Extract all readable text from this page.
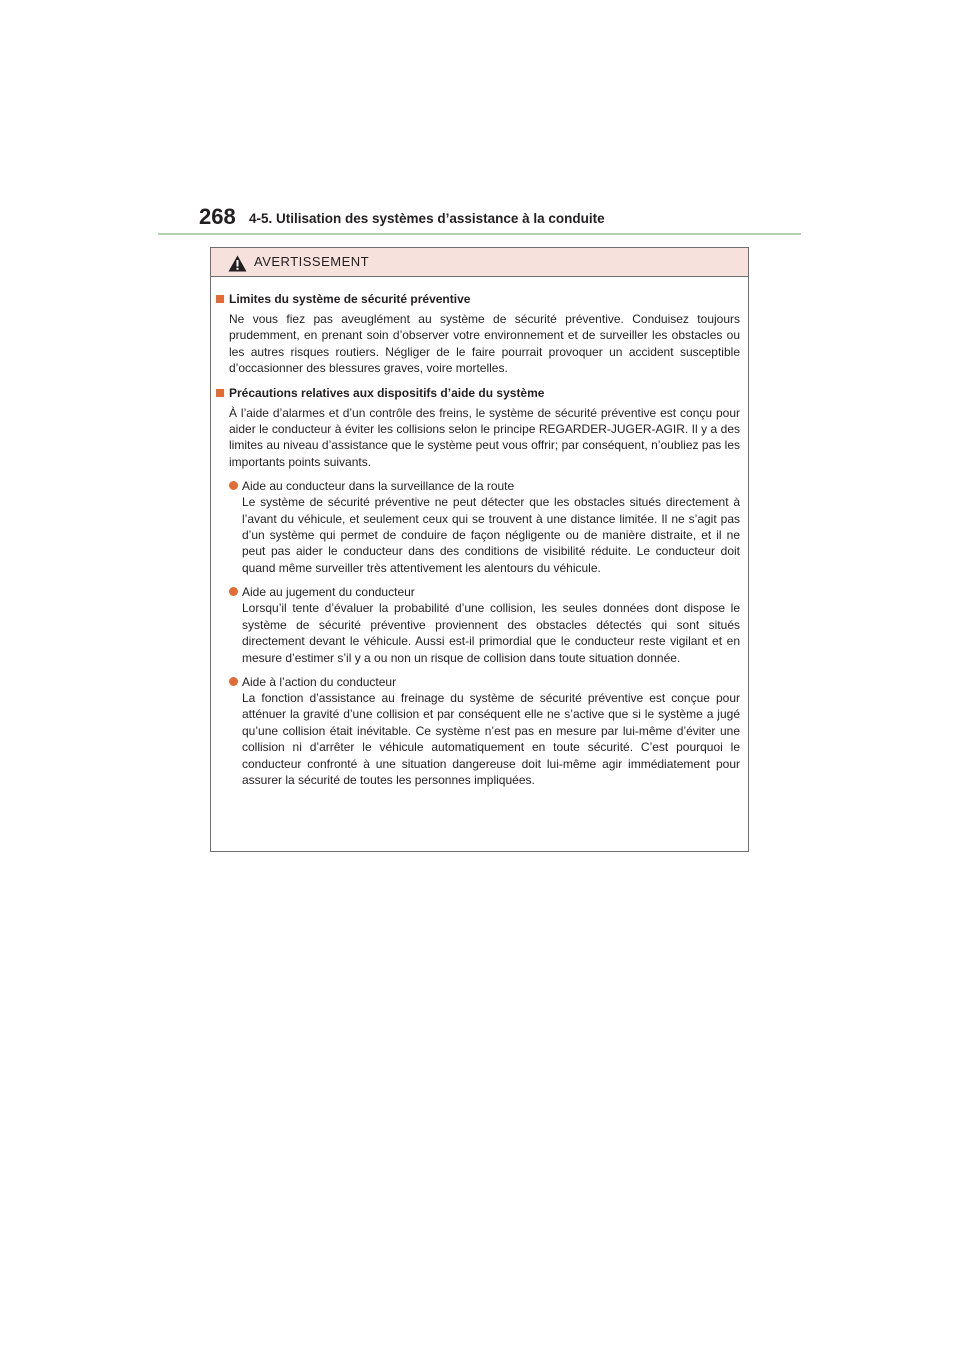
268 4-5. Utilisation des systèmes d’assistance à la conduite
AVERTISSEMENT
Limites du système de sécurité préventive
Ne vous fiez pas aveuglément au système de sécurité préventive. Conduisez toujours prudemment, en prenant soin d’observer votre environnement et de surveiller les obstacles ou les autres risques routiers. Négliger de le faire pourrait provoquer un accident susceptible d’occasionner des blessures graves, voire mortelles.
Précautions relatives aux dispositifs d’aide du système
À l’aide d’alarmes et d’un contrôle des freins, le système de sécurité préventive est conçu pour aider le conducteur à éviter les collisions selon le principe REGARDER-JUGER-AGIR. Il y a des limites au niveau d’assistance que le système peut vous offrir; par conséquent, n’oubliez pas les importants points suivants.
Aide au conducteur dans la surveillance de la route
Le système de sécurité préventive ne peut détecter que les obstacles situés directement à l’avant du véhicule, et seulement ceux qui se trouvent à une distance limitée. Il ne s’agit pas d’un système qui permet de conduire de façon négligente ou de manière distraite, et il ne peut pas aider le conducteur dans des conditions de visibilité réduite. Le conducteur doit quand même surveiller très attentivement les alentours du véhicule.
Aide au jugement du conducteur
Lorsqu’il tente d’évaluer la probabilité d’une collision, les seules données dont dispose le système de sécurité préventive proviennent des obstacles détectés qui sont situés directement devant le véhicule. Aussi est-il primordial que le conducteur reste vigilant et en mesure d’estimer s’il y a ou non un risque de collision dans toute situation donnée.
Aide à l’action du conducteur
La fonction d’assistance au freinage du système de sécurité préventive est conçue pour atténuer la gravité d’une collision et par conséquent elle ne s’active que si le système a jugé qu’une collision était inévitable. Ce système n’est pas en mesure par lui-même d’éviter une collision ni d’arrêter le véhicule automatiquement en toute sécurité. C’est pourquoi le conducteur confronté à une situation dangereuse doit lui-même agir immédiatement pour assurer la sécurité de toutes les personnes impliquées.
